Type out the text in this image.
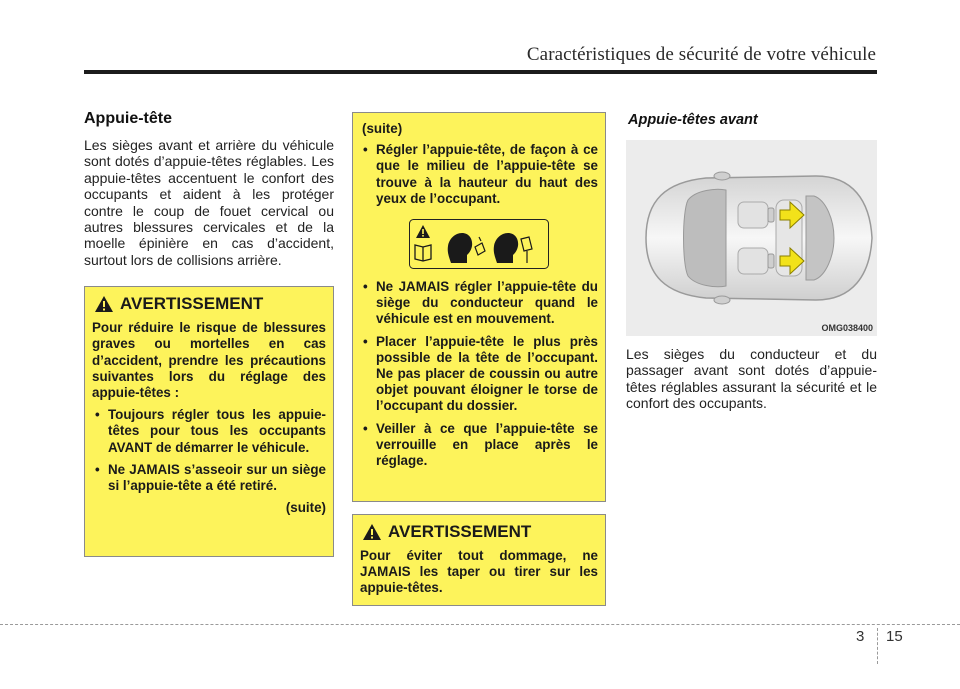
Caractéristiques de sécurité de votre véhicule
Appuie-tête

Les sièges avant et arrière du véhicule sont dotés d’appuie-têtes réglables. Les appuie-têtes accentuent le confort des occupants et aident à les protéger contre le coup de fouet cervical ou autres blessures cervicales et de la moelle épinière en cas d’accident, surtout lors de collisions arrière.

AVERTISSEMENT

Pour réduire le risque de blessures graves ou mortelles en cas d’accident, prendre les précautions suivantes lors du réglage des appuie-têtes :

• Toujours régler tous les appuie-têtes pour tous les occupants AVANT de démarrer le véhicule.
• Ne JAMAIS s’asseoir sur un siège si l’appuie-tête a été retiré.
(suite)
(suite)
• Régler l’appuie-tête, de façon à ce que le milieu de l’appuie-tête se trouve à la hauteur du haut des yeux de l’occupant.
• Ne JAMAIS régler l’appuie-tête du siège du conducteur quand le véhicule est en mouvement.
• Placer l’appuie-tête le plus près possible de la tête de l’occupant. Ne pas placer de coussin ou autre objet pouvant éloigner le torse de l’occupant du dossier.
• Veiller à ce que l’appuie-tête se verrouille en place après le réglage.
AVERTISSEMENT

Pour éviter tout dommage, ne JAMAIS les taper ou tirer sur les appuie-têtes.

Appuie-têtes avant
OMG038400

Les sièges du conducteur et du passager avant sont dotés d’appuie-têtes réglables assurant la sécurité et le confort des occupants.

3 15
